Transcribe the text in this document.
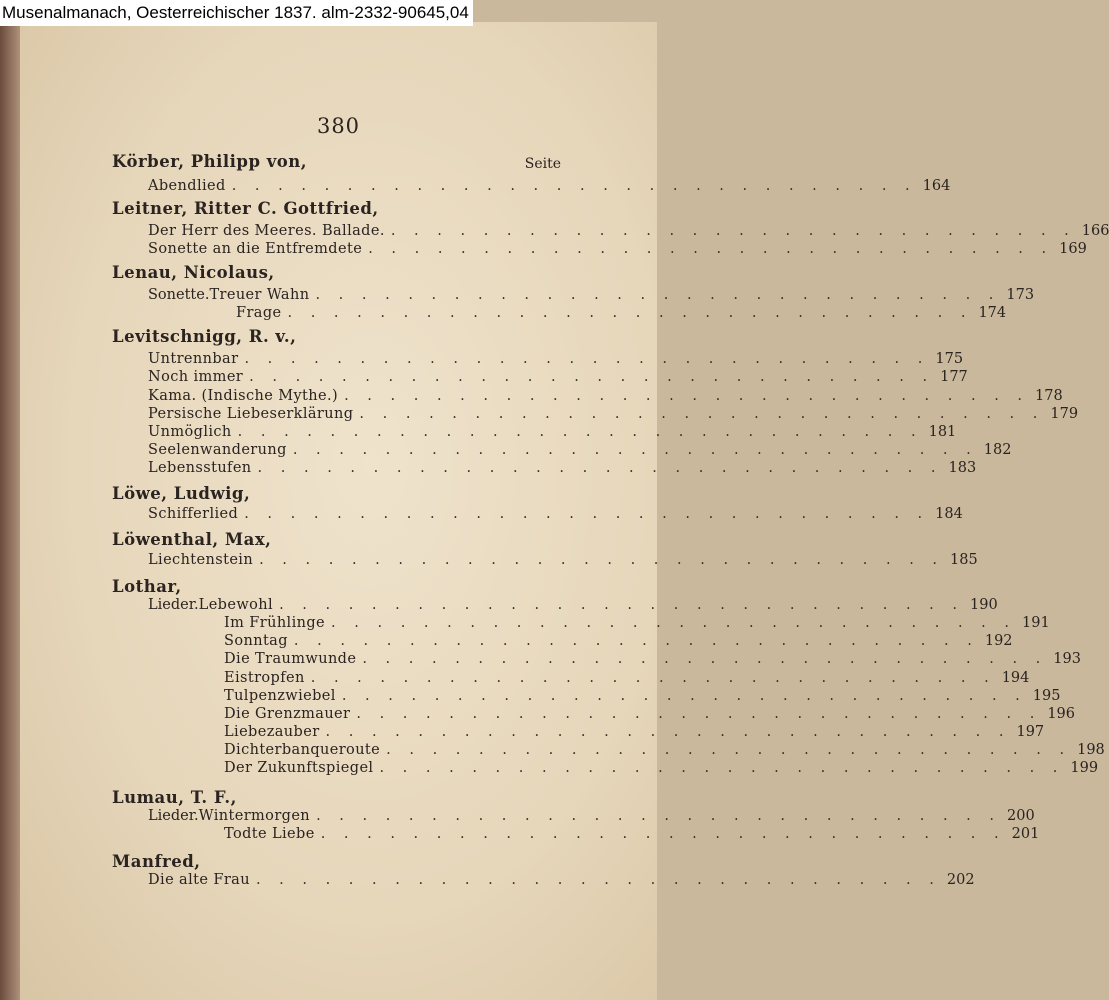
Musenalmanach, Oesterreichischer 1837. alm-2332-90645,04
380
Seite
Körber, Philipp von,
Leitner, Ritter C. Gottfried,
Lenau, Nicolaus,
Levitschnigg, R. v.,
Löwe, Ludwig,
Löwenthal, Max,
Lothar,
Lumau, T. F.,
Manfred,
Abendlied . . . . . . . . . . . . . . . . . . . . . . . . . . . . . . 164
Der Herr des Meeres. Ballade. . . . . . . . . . . . . . . . . . . . . . . . . . . . . . . 166
Sonette an die Entfremdete . . . . . . . . . . . . . . . . . . . . . . . . . . . . . . 169
Sonette. Treuer Wahn . . . . . . . . . . . . . . . . . . . . . . . . . . . . . . 173
Frage . . . . . . . . . . . . . . . . . . . . . . . . . . . . . . 174
Untrennbar . . . . . . . . . . . . . . . . . . . . . . . . . . . . . . 175
Noch immer . . . . . . . . . . . . . . . . . . . . . . . . . . . . . . 177
Kama. (Indische Mythe.) . . . . . . . . . . . . . . . . . . . . . . . . . . . . . . 178
Persische Liebeserklärung . . . . . . . . . . . . . . . . . . . . . . . . . . . . . . 179
Unmöglich . . . . . . . . . . . . . . . . . . . . . . . . . . . . . . 181
Seelenwanderung . . . . . . . . . . . . . . . . . . . . . . . . . . . . . . 182
Lebensstufen . . . . . . . . . . . . . . . . . . . . . . . . . . . . . . 183
Schifferlied . . . . . . . . . . . . . . . . . . . . . . . . . . . . . . 184
Liechtenstein . . . . . . . . . . . . . . . . . . . . . . . . . . . . . . 185
Lieder. Lebewohl . . . . . . . . . . . . . . . . . . . . . . . . . . . . . . 190
Im Frühlinge . . . . . . . . . . . . . . . . . . . . . . . . . . . . . . 191
Sonntag . . . . . . . . . . . . . . . . . . . . . . . . . . . . . . 192
Die Traumwunde . . . . . . . . . . . . . . . . . . . . . . . . . . . . . . 193
Eistropfen . . . . . . . . . . . . . . . . . . . . . . . . . . . . . . 194
Tulpenzwiebel . . . . . . . . . . . . . . . . . . . . . . . . . . . . . . 195
Die Grenzmauer . . . . . . . . . . . . . . . . . . . . . . . . . . . . . . 196
Liebezauber . . . . . . . . . . . . . . . . . . . . . . . . . . . . . . 197
Dichterbanqueroute . . . . . . . . . . . . . . . . . . . . . . . . . . . . . . 198
Der Zukunftspiegel . . . . . . . . . . . . . . . . . . . . . . . . . . . . . . 199
Lieder. Wintermorgen . . . . . . . . . . . . . . . . . . . . . . . . . . . . . . 200
Todte Liebe . . . . . . . . . . . . . . . . . . . . . . . . . . . . . . 201
Die alte Frau . . . . . . . . . . . . . . . . . . . . . . . . . . . . . . 202
